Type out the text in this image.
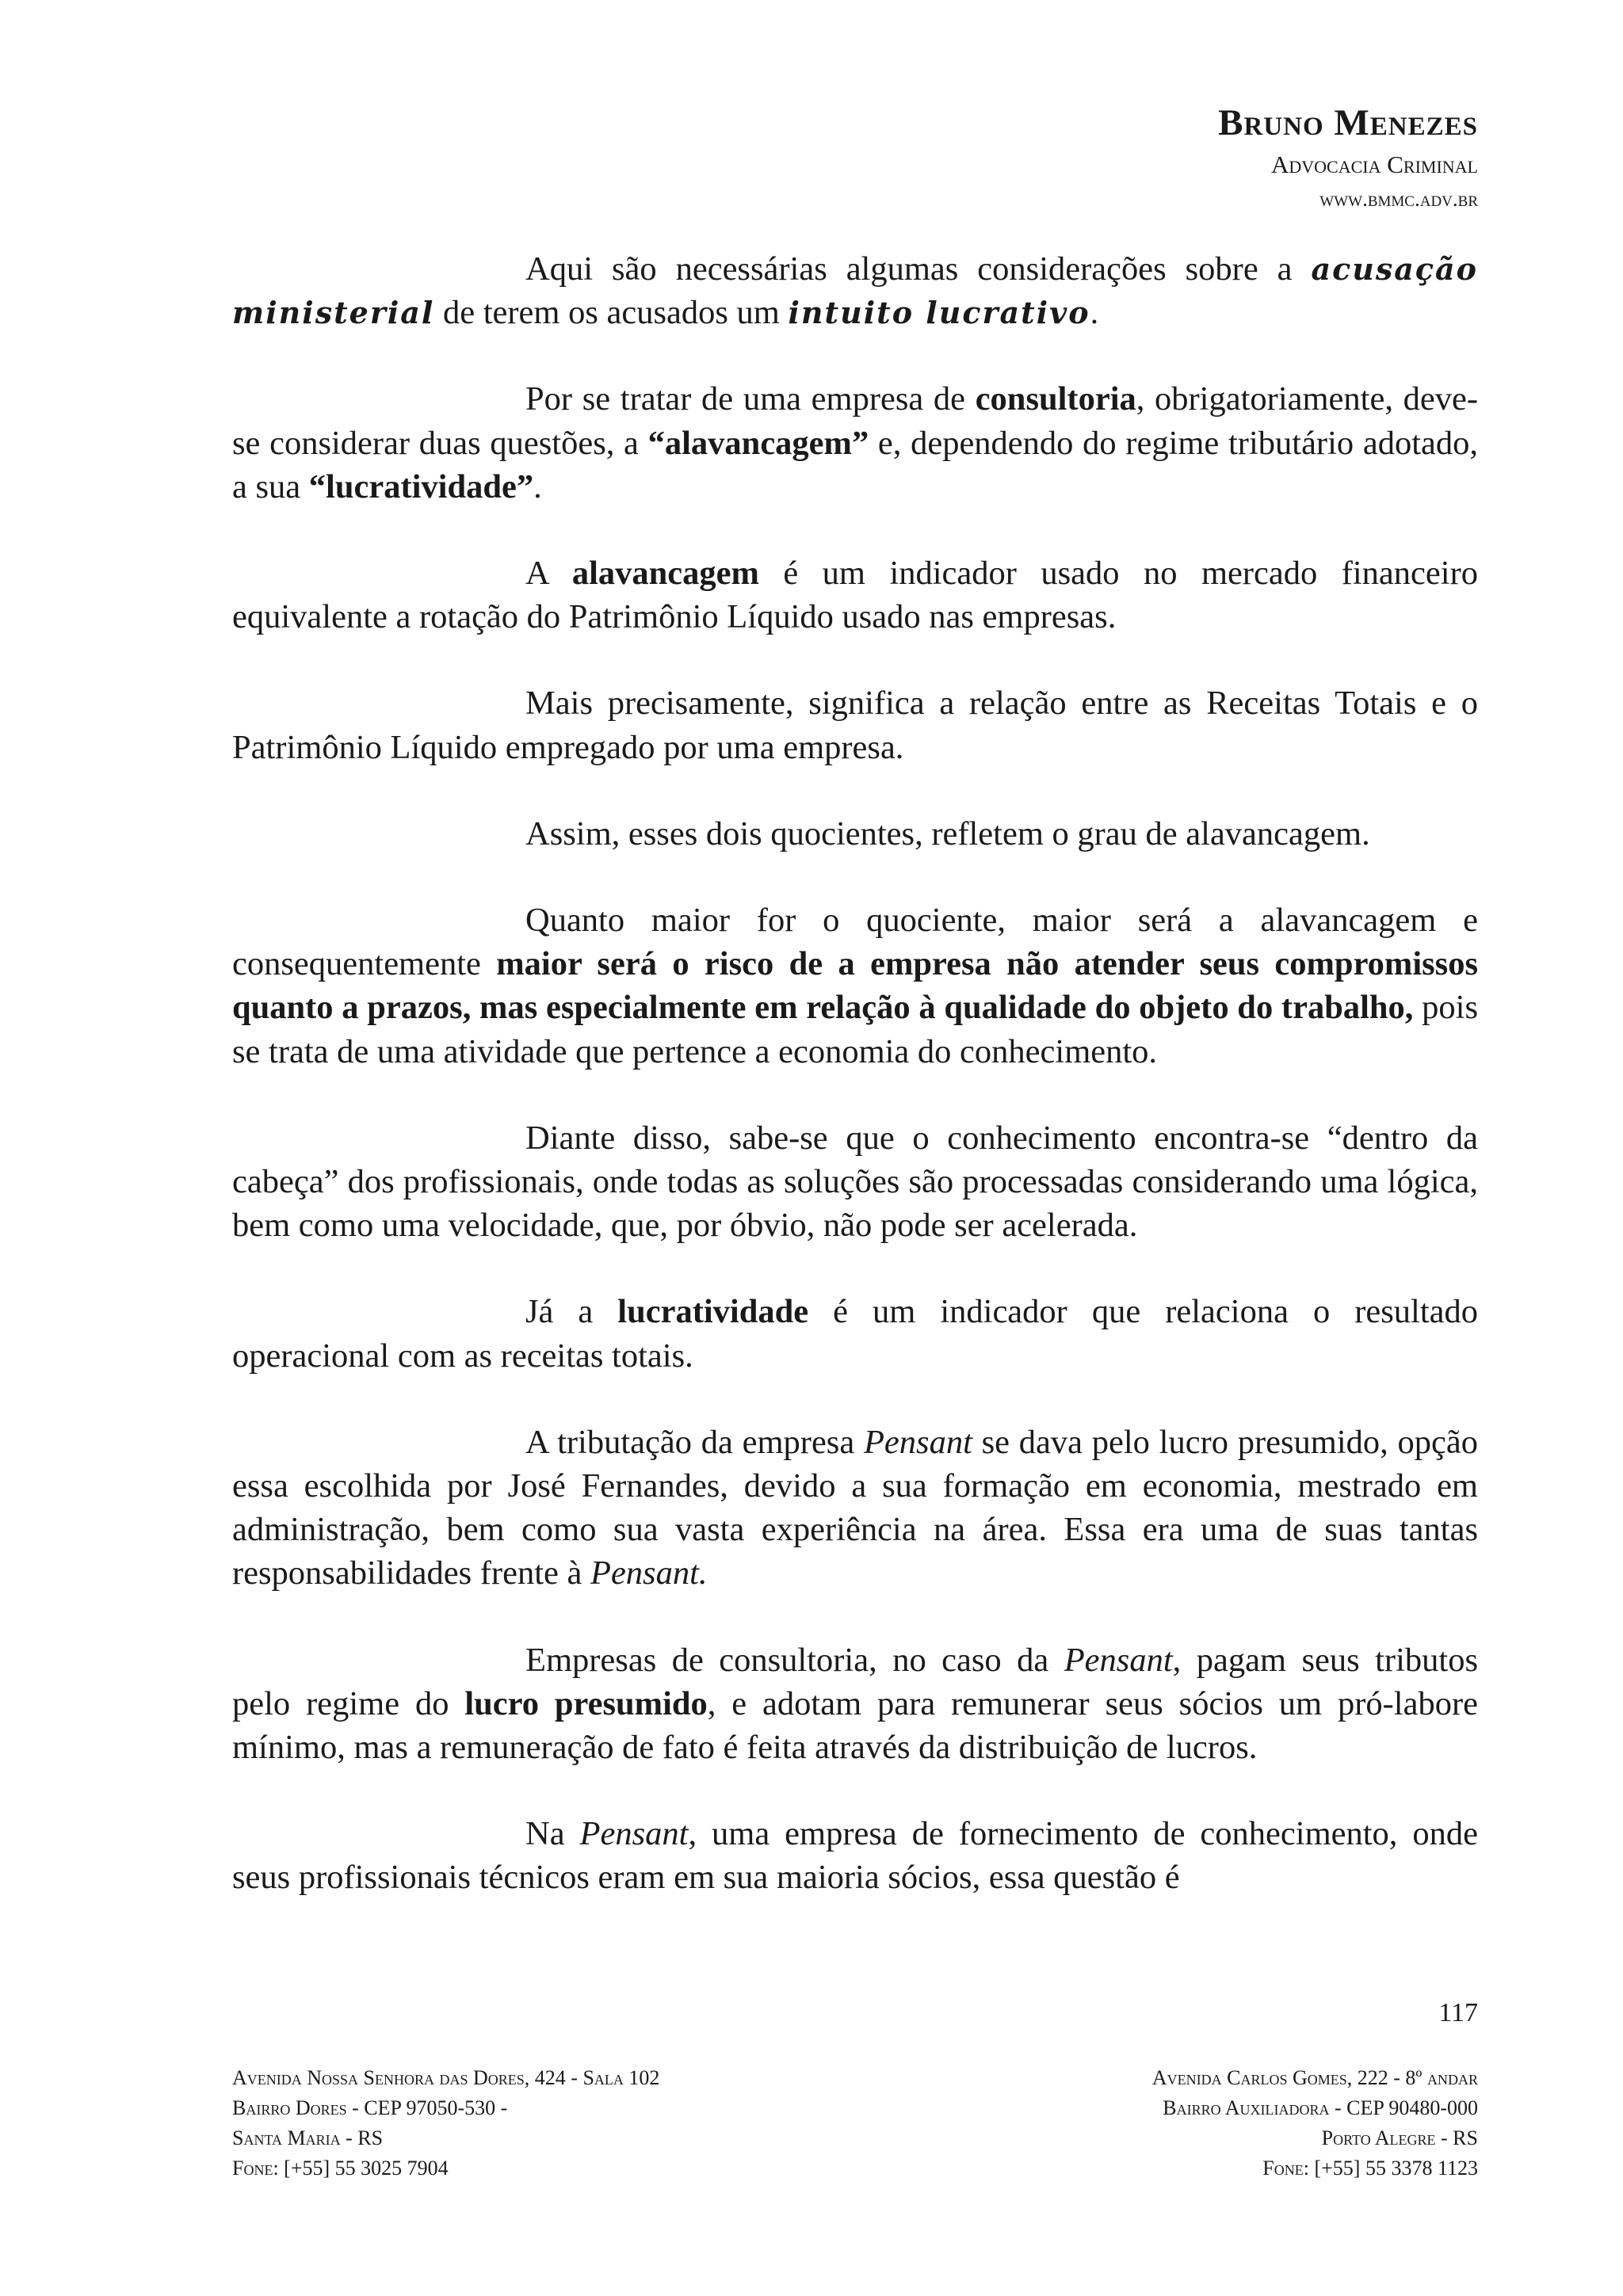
Bruno Menezes
Advocacia Criminal
www.bmmc.adv.br

Aqui são necessárias algumas considerações sobre a acusação ministerial de terem os acusados um intuito lucrativo.

Por se tratar de uma empresa de consultoria, obrigatoriamente, deve-se considerar duas questões, a “alavancagem” e, dependendo do regime tributário adotado, a sua “lucratividade”.

A alavancagem é um indicador usado no mercado financeiro equivalente a rotação do Patrimônio Líquido usado nas empresas.

Mais precisamente, significa a relação entre as Receitas Totais e o Patrimônio Líquido empregado por uma empresa.

Assim, esses dois quocientes, refletem o grau de alavancagem.

Quanto maior for o quociente, maior será a alavancagem e consequentemente maior será o risco de a empresa não atender seus compromissos quanto a prazos, mas especialmente em relação à qualidade do objeto do trabalho, pois se trata de uma atividade que pertence a economia do conhecimento.

Diante disso, sabe-se que o conhecimento encontra-se “dentro da cabeça” dos profissionais, onde todas as soluções são processadas considerando uma lógica, bem como uma velocidade, que, por óbvio, não pode ser acelerada.

Já a lucratividade é um indicador que relaciona o resultado operacional com as receitas totais.

A tributação da empresa Pensant se dava pelo lucro presumido, opção essa escolhida por José Fernandes, devido a sua formação em economia, mestrado em administração, bem como sua vasta experiência na área. Essa era uma de suas tantas responsabilidades frente à Pensant.

Empresas de consultoria, no caso da Pensant, pagam seus tributos pelo regime do lucro presumido, e adotam para remunerar seus sócios um pró-labore mínimo, mas a remuneração de fato é feita através da distribuição de lucros.

Na Pensant, uma empresa de fornecimento de conhecimento, onde seus profissionais técnicos eram em sua maioria sócios, essa questão é

117
Avenida Nossa Senhora das Dores, 424 - Sala 102
Bairro Dores - CEP 97050-530 -
Santa Maria - RS
Fone: [+55] 55 3025 7904
Avenida Carlos Gomes, 222 - 8º andar
Bairro Auxiliadora - CEP 90480-000
Porto Alegre - RS
Fone: [+55] 55 3378 1123
